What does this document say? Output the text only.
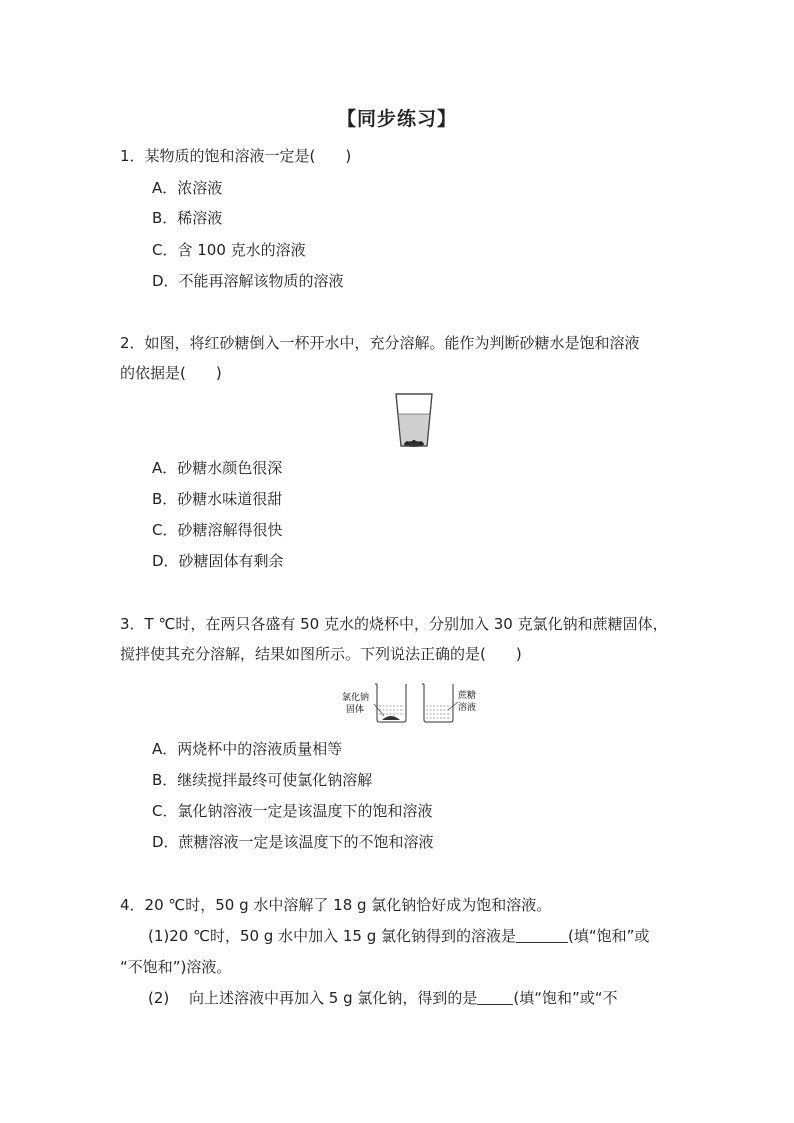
【同步练习】
1．某物质的饱和溶液一定是(　　)
A．浓溶液
B．稀溶液
C．含 100 克水的溶液
D．不能再溶解该物质的溶液
2．如图，将红砂糖倒入一杯开水中，充分溶解。能作为判断砂糖水是饱和溶液
的依据是(　　)
A．砂糖水颜色很深
B．砂糖水味道很甜
C．砂糖溶解得很快
D．砂糖固体有剩余
3．T ℃时，在两只各盛有 50 克水的烧杯中，分别加入 30 克氯化钠和蔗糖固体，
搅拌使其充分溶解，结果如图所示。下列说法正确的是(　　)
氯化钠
固体
蔗糖
溶液
A．两烧杯中的溶液质量相等
B．继续搅拌最终可使氯化钠溶解
C．氯化钠溶液一定是该温度下的饱和溶液
D．蔗糖溶液一定是该温度下的不饱和溶液
4．20 ℃时，50 g 水中溶解了 18 g 氯化钠恰好成为饱和溶液。
(1)20 ℃时，50 g 水中加入 15 g 氯化钠得到的溶液是	(填“饱和”或
“不饱和”)溶液。
(2)　 向上述溶液中再加入 5 g 氯化钠，得到的是 (填“饱和”或“不
